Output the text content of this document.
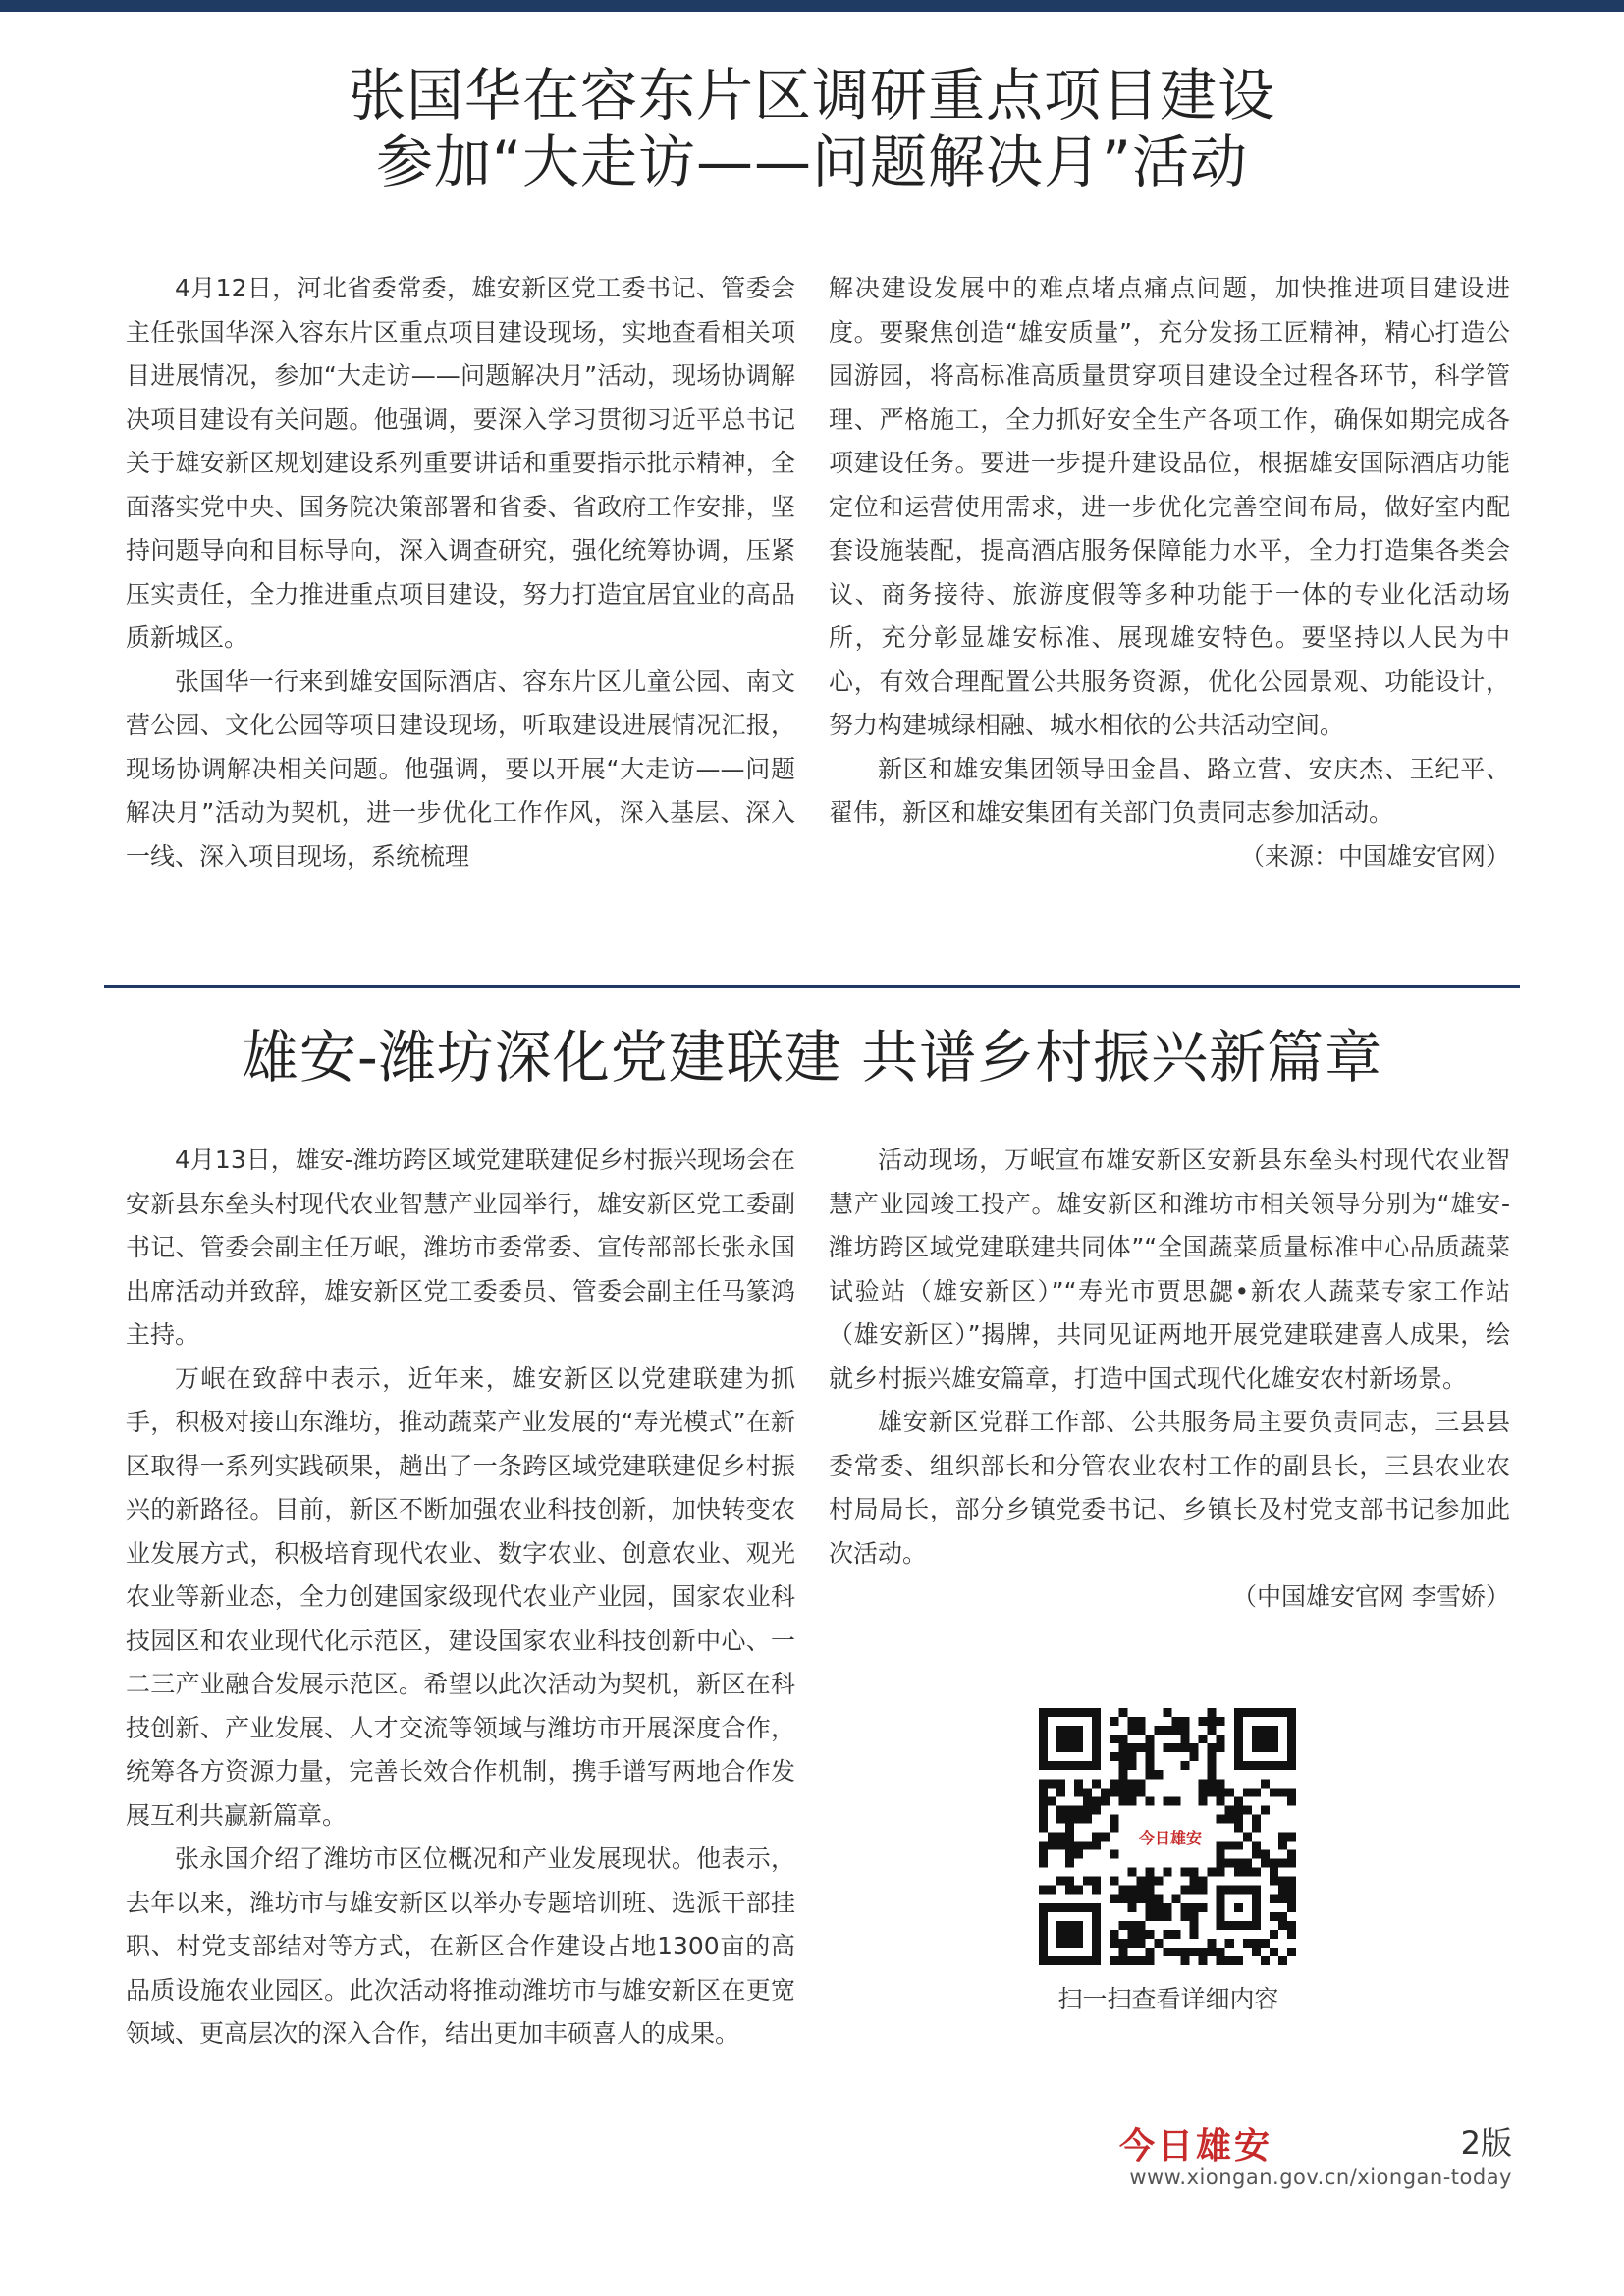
张国华在容东片区调研重点项目建设
参加“大走访——问题解决月”活动

4月12日，河北省委常委，雄安新区党工委书记、管委会主任张国华深入容东片区重点项目建设现场，实地查看相关项目进展情况，参加“大走访——问题解决月”活动，现场协调解决项目建设有关问题。他强调，要深入学习贯彻习近平总书记关于雄安新区规划建设系列重要讲话和重要指示批示精神，全面落实党中央、国务院决策部署和省委、省政府工作安排，坚持问题导向和目标导向，深入调查研究，强化统筹协调，压紧压实责任，全力推进重点项目建设，努力打造宜居宜业的高品质新城区。

张国华一行来到雄安国际酒店、容东片区儿童公园、南文营公园、文化公园等项目建设现场，听取建设进展情况汇报，现场协调解决相关问题。他强调，要以开展“大走访——问题解决月”活动为契机，进一步优化工作作风，深入基层、深入一线、深入项目现场，系统梳理

解决建设发展中的难点堵点痛点问题，加快推进项目建设进度。要聚焦创造“雄安质量”，充分发扬工匠精神，精心打造公园游园，将高标准高质量贯穿项目建设全过程各环节，科学管理、严格施工，全力抓好安全生产各项工作，确保如期完成各项建设任务。要进一步提升建设品位，根据雄安国际酒店功能定位和运营使用需求，进一步优化完善空间布局，做好室内配套设施装配，提高酒店服务保障能力水平，全力打造集各类会议、商务接待、旅游度假等多种功能于一体的专业化活动场所，充分彰显雄安标准、展现雄安特色。要坚持以人民为中心，有效合理配置公共服务资源，优化公园景观、功能设计，努力构建城绿相融、城水相依的公共活动空间。

新区和雄安集团领导田金昌、路立营、安庆杰、王纪平、翟伟，新区和雄安集团有关部门负责同志参加活动。
（来源：中国雄安官网）

雄安-潍坊深化党建联建 共谱乡村振兴新篇章

4月13日，雄安-潍坊跨区域党建联建促乡村振兴现场会在安新县东垒头村现代农业智慧产业园举行，雄安新区党工委副书记、管委会副主任万岷，潍坊市委常委、宣传部部长张永国出席活动并致辞，雄安新区党工委委员、管委会副主任马篆鸿主持。

万岷在致辞中表示，近年来，雄安新区以党建联建为抓手，积极对接山东潍坊，推动蔬菜产业发展的“寿光模式”在新区取得一系列实践硕果，趟出了一条跨区域党建联建促乡村振兴的新路径。目前，新区不断加强农业科技创新，加快转变农业发展方式，积极培育现代农业、数字农业、创意农业、观光农业等新业态，全力创建国家级现代农业产业园，国家农业科技园区和农业现代化示范区，建设国家农业科技创新中心、一二三产业融合发展示范区。希望以此次活动为契机，新区在科技创新、产业发展、人才交流等领域与潍坊市开展深度合作，统筹各方资源力量，完善长效合作机制，携手谱写两地合作发展互利共赢新篇章。

张永国介绍了潍坊市区位概况和产业发展现状。他表示，去年以来，潍坊市与雄安新区以举办专题培训班、选派干部挂职、村党支部结对等方式，在新区合作建设占地1300亩的高品质设施农业园区。此次活动将推动潍坊市与雄安新区在更宽领域、更高层次的深入合作，结出更加丰硕喜人的成果。

活动现场，万岷宣布雄安新区安新县东垒头村现代农业智慧产业园竣工投产。雄安新区和潍坊市相关领导分别为“雄安-潍坊跨区域党建联建共同体”“全国蔬菜质量标准中心品质蔬菜试验站（雄安新区）”“寿光市贾思勰•新农人蔬菜专家工作站（雄安新区）”揭牌，共同见证两地开展党建联建喜人成果，绘就乡村振兴雄安篇章，打造中国式现代化雄安农村新场景。

雄安新区党群工作部、公共服务局主要负责同志，三县县委常委、组织部长和分管农业农村工作的副县长，三县农业农村局局长，部分乡镇党委书记、乡镇长及村党支部书记参加此次活动。
（中国雄安官网 李雪娇）

今日雄安
扫一扫查看详细内容
今日雄安	2版
www.xiongan.gov.cn/xiongan-today
